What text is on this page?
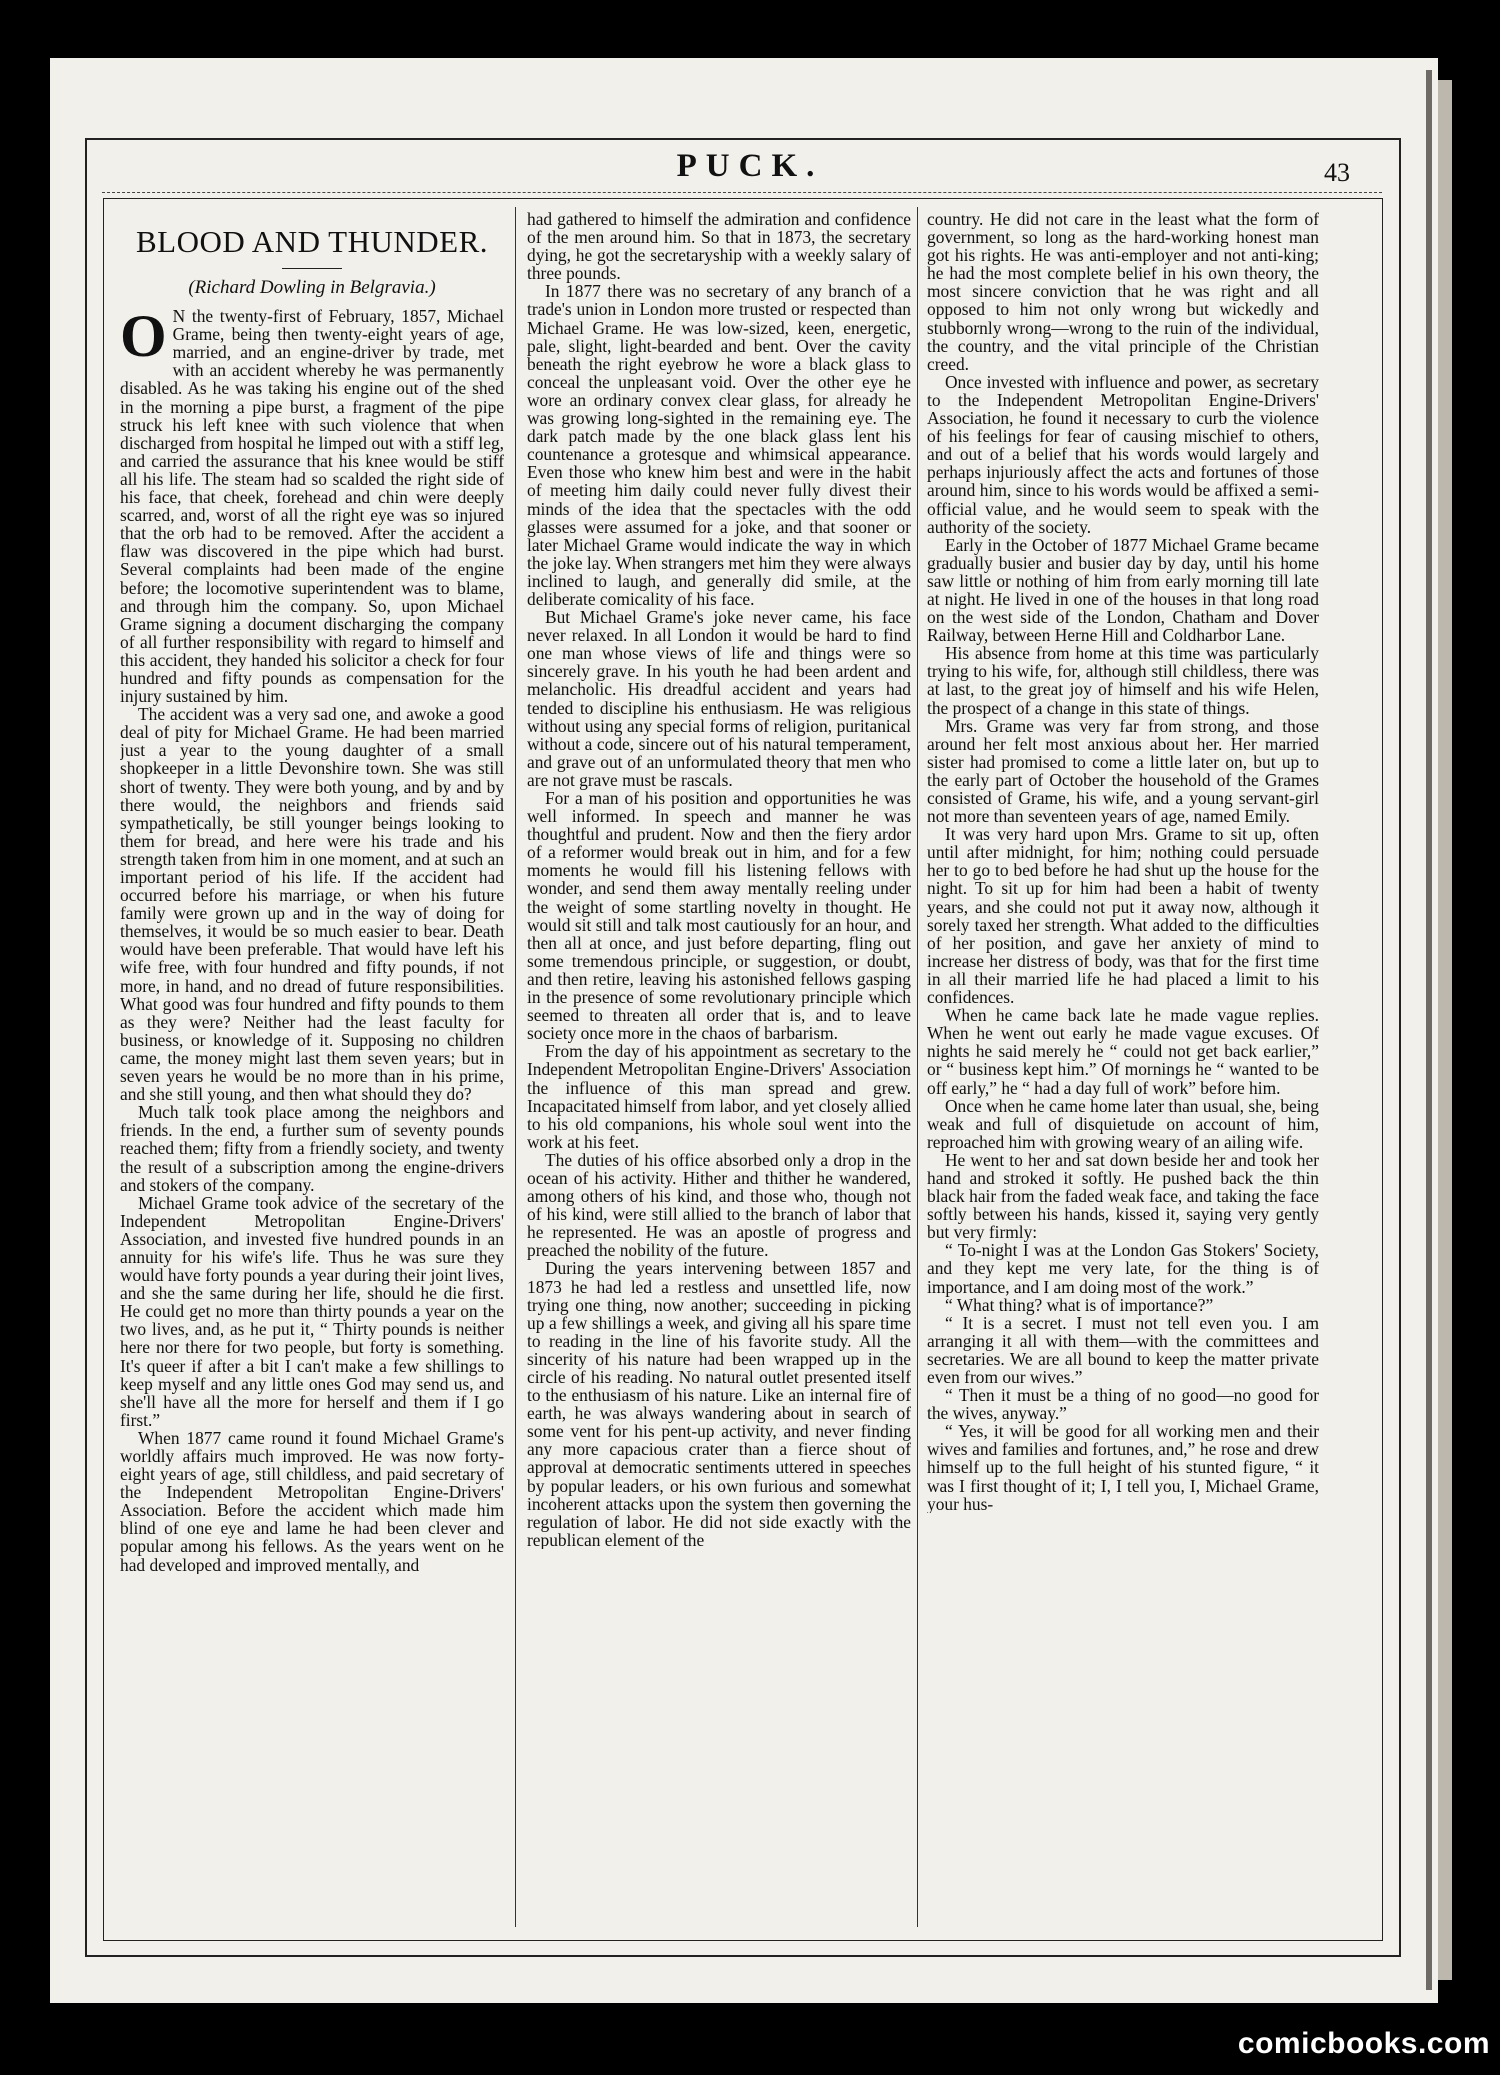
PUCK.	43
BLOOD AND THUNDER.
(Richard Dowling in Belgravia.)
O N the twenty-first of February, 1857, Michael Grame, being then twenty-eight years of age, married, and an engine-driver by trade, met with an accident whereby he was permanently disabled. As he was taking his engine out of the shed in the morning a pipe burst, a fragment of the pipe struck his left knee with such violence that when discharged from hospital he limped out with a stiff leg, and carried the assurance that his knee would be stiff all his life. The steam had so scalded the right side of his face, that cheek, forehead and chin were deeply scarred, and, worst of all the right eye was so injured that the orb had to be removed. After the accident a flaw was discovered in the pipe which had burst. Several complaints had been made of the engine before; the locomotive superintendent was to blame, and through him the company. So, upon Michael Grame signing a document discharging the company of all further responsibility with regard to himself and this accident, they handed his solicitor a check for four hundred and fifty pounds as compensation for the injury sustained by him.

The accident was a very sad one, and awoke a good deal of pity for Michael Grame. He had been married just a year to the young daughter of a small shopkeeper in a little Devonshire town. She was still short of twenty. They were both young, and by and by there would, the neighbors and friends said sympathetically, be still younger beings looking to them for bread, and here were his trade and his strength taken from him in one moment, and at such an important period of his life. If the accident had occurred before his marriage, or when his future family were grown up and in the way of doing for themselves, it would be so much easier to bear. Death would have been preferable. That would have left his wife free, with four hundred and fifty pounds, if not more, in hand, and no dread of future responsibilities. What good was four hundred and fifty pounds to them as they were? Neither had the least faculty for business, or knowledge of it. Supposing no children came, the money might last them seven years; but in seven years he would be no more than in his prime, and she still young, and then what should they do?

Much talk took place among the neighbors and friends. In the end, a further sum of seventy pounds reached them; fifty from a friendly society, and twenty the result of a subscription among the engine-drivers and stokers of the company.

Michael Grame took advice of the secretary of the Independent Metropolitan Engine-Drivers' Association, and invested five hundred pounds in an annuity for his wife's life. Thus he was sure they would have forty pounds a year during their joint lives, and she the same during her life, should he die first. He could get no more than thirty pounds a year on the two lives, and, as he put it, “ Thirty pounds is neither here nor there for two people, but forty is something. It's queer if after a bit I can't make a few shillings to keep myself and any little ones God may send us, and she'll have all the more for herself and them if I go first.”

When 1877 came round it found Michael Grame's worldly affairs much improved. He was now forty-eight years of age, still childless, and paid secretary of the Independent Metropolitan Engine-Drivers' Association. Before the accident which made him blind of one eye and lame he had been clever and popular among his fellows. As the years went on he had developed and improved mentally, and

had gathered to himself the admiration and confidence of the men around him. So that in 1873, the secretary dying, he got the secretaryship with a weekly salary of three pounds.

In 1877 there was no secretary of any branch of a trade's union in London more trusted or respected than Michael Grame. He was low-sized, keen, energetic, pale, slight, light-bearded and bent. Over the cavity beneath the right eyebrow he wore a black glass to conceal the unpleasant void. Over the other eye he wore an ordinary convex clear glass, for already he was growing long-sighted in the remaining eye. The dark patch made by the one black glass lent his countenance a grotesque and whimsical appearance. Even those who knew him best and were in the habit of meeting him daily could never fully divest their minds of the idea that the spectacles with the odd glasses were assumed for a joke, and that sooner or later Michael Grame would indicate the way in which the joke lay. When strangers met him they were always inclined to laugh, and generally did smile, at the deliberate comicality of his face.

But Michael Grame's joke never came, his face never relaxed. In all London it would be hard to find one man whose views of life and things were so sincerely grave. In his youth he had been ardent and melancholic. His dreadful accident and years had tended to discipline his enthusiasm. He was religious without using any special forms of religion, puritanical without a code, sincere out of his natural temperament, and grave out of an unformulated theory that men who are not grave must be rascals.

For a man of his position and opportunities he was well informed. In speech and manner he was thoughtful and prudent. Now and then the fiery ardor of a reformer would break out in him, and for a few moments he would fill his listening fellows with wonder, and send them away mentally reeling under the weight of some startling novelty in thought. He would sit still and talk most cautiously for an hour, and then all at once, and just before departing, fling out some tremendous principle, or suggestion, or doubt, and then retire, leaving his astonished fellows gasping in the presence of some revolutionary principle which seemed to threaten all order that is, and to leave society once more in the chaos of barbarism.

From the day of his appointment as secretary to the Independent Metropolitan Engine-Drivers' Association the influence of this man spread and grew. Incapacitated himself from labor, and yet closely allied to his old companions, his whole soul went into the work at his feet.

The duties of his office absorbed only a drop in the ocean of his activity. Hither and thither he wandered, among others of his kind, and those who, though not of his kind, were still allied to the branch of labor that he represented. He was an apostle of progress and preached the nobility of the future.

During the years intervening between 1857 and 1873 he had led a restless and unsettled life, now trying one thing, now another; succeeding in picking up a few shillings a week, and giving all his spare time to reading in the line of his favorite study. All the sincerity of his nature had been wrapped up in the circle of his reading. No natural outlet presented itself to the enthusiasm of his nature. Like an internal fire of earth, he was always wandering about in search of some vent for his pent-up activity, and never finding any more capacious crater than a fierce shout of approval at democratic sentiments uttered in speeches by popular leaders, or his own furious and somewhat incoherent attacks upon the system then governing the regulation of labor. He did not side exactly with the republican element of the

country. He did not care in the least what the form of government, so long as the hard-working honest man got his rights. He was anti-employer and not anti-king; he had the most complete belief in his own theory, the most sincere conviction that he was right and all opposed to him not only wrong but wickedly and stubbornly wrong—wrong to the ruin of the individual, the country, and the vital principle of the Christian creed.

Once invested with influence and power, as secretary to the Independent Metropolitan Engine-Drivers' Association, he found it necessary to curb the violence of his feelings for fear of causing mischief to others, and out of a belief that his words would largely and perhaps injuriously affect the acts and fortunes of those around him, since to his words would be affixed a semi-official value, and he would seem to speak with the authority of the society.

Early in the October of 1877 Michael Grame became gradually busier and busier day by day, until his home saw little or nothing of him from early morning till late at night. He lived in one of the houses in that long road on the west side of the London, Chatham and Dover Railway, between Herne Hill and Coldharbor Lane.

His absence from home at this time was particularly trying to his wife, for, although still childless, there was at last, to the great joy of himself and his wife Helen, the prospect of a change in this state of things.

Mrs. Grame was very far from strong, and those around her felt most anxious about her. Her married sister had promised to come a little later on, but up to the early part of October the household of the Grames consisted of Grame, his wife, and a young servant-girl not more than seventeen years of age, named Emily.

It was very hard upon Mrs. Grame to sit up, often until after midnight, for him; nothing could persuade her to go to bed before he had shut up the house for the night. To sit up for him had been a habit of twenty years, and she could not put it away now, although it sorely taxed her strength. What added to the difficulties of her position, and gave her anxiety of mind to increase her distress of body, was that for the first time in all their married life he had placed a limit to his confidences.

When he came back late he made vague replies. When he went out early he made vague excuses. Of nights he said merely he “ could not get back earlier,” or “ business kept him.” Of mornings he “ wanted to be off early,” he “ had a day full of work” before him.

Once when he came home later than usual, she, being weak and full of disquietude on account of him, reproached him with growing weary of an ailing wife.

He went to her and sat down beside her and took her hand and stroked it softly. He pushed back the thin black hair from the faded weak face, and taking the face softly between his hands, kissed it, saying very gently but very firmly:

“ To-night I was at the London Gas Stokers' Society, and they kept me very late, for the thing is of importance, and I am doing most of the work.”

“ What thing? what is of importance?”

“ It is a secret. I must not tell even you. I am arranging it all with them—with the committees and secretaries. We are all bound to keep the matter private even from our wives.”

“ Then it must be a thing of no good—no good for the wives, anyway.”

“ Yes, it will be good for all working men and their wives and families and fortunes, and,” he rose and drew himself up to the full height of his stunted figure, “ it was I first thought of it; I, I tell you, I, Michael Grame, your hus-

comicbooks.com
